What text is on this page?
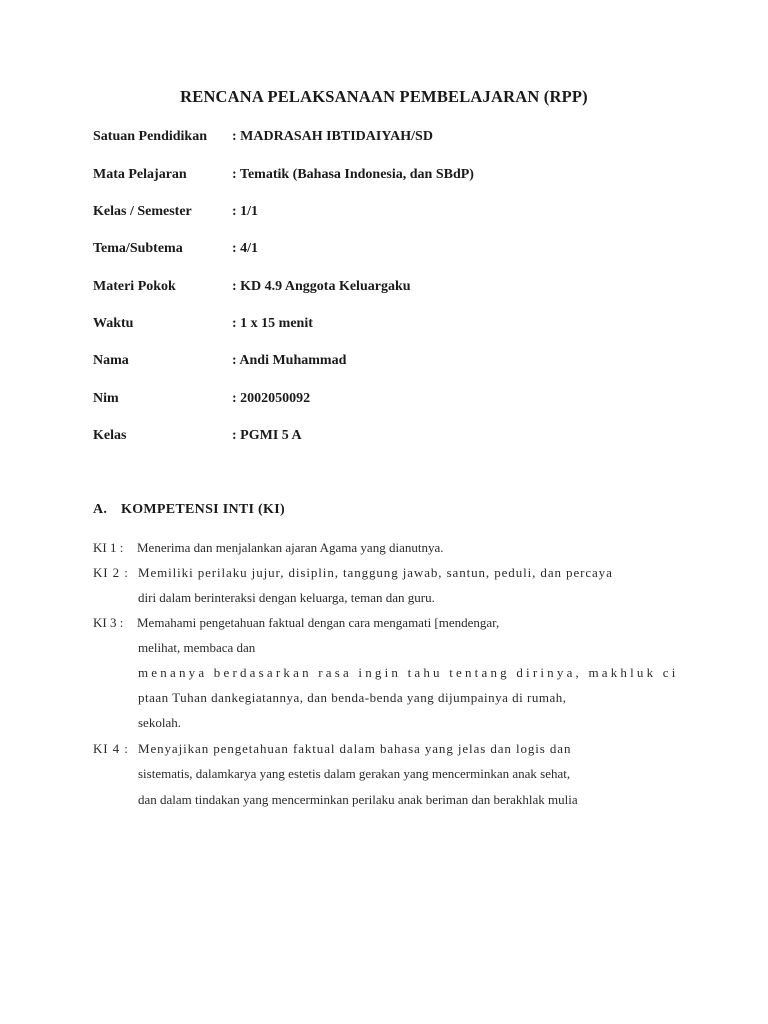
RENCANA PELAKSANAAN PEMBELAJARAN (RPP)
Satuan Pendidikan : MADRASAH IBTIDAIYAH/SD
Mata Pelajaran	: Tematik (Bahasa Indonesia, dan SBdP)
Kelas / Semester	: 1/1
Tema/Subtema	: 4/1
Materi Pokok	: KD 4.9 Anggota Keluargaku
Waktu	: 1 x 15 menit
Nama	: Andi Muhammad
Nim	: 2002050092
Kelas	: PGMI 5 A
A. KOMPETENSI INTI (KI)
KI 1 : Menerima dan menjalankan ajaran Agama yang dianutnya.
KI 2 : Memiliki perilaku jujur, disiplin, tanggung jawab, santun, peduli, dan percaya
diri dalam berinteraksi dengan keluarga, teman dan guru.
KI 3 : Memahami pengetahuan faktual dengan cara mengamati [mendengar,
melihat, membaca dan
menanya berdasarkan rasa ingin tahu tentang dirinya, makhluk ci
ptaan Tuhan dankegiatannya, dan benda-benda yang dijumpainya di rumah,
sekolah.
KI 4 : Menyajikan pengetahuan faktual dalam bahasa yang jelas dan logis dan
sistematis, dalamkarya yang estetis dalam gerakan yang mencerminkan anak sehat,
dan dalam tindakan yang mencerminkan perilaku anak beriman dan berakhlak mulia
